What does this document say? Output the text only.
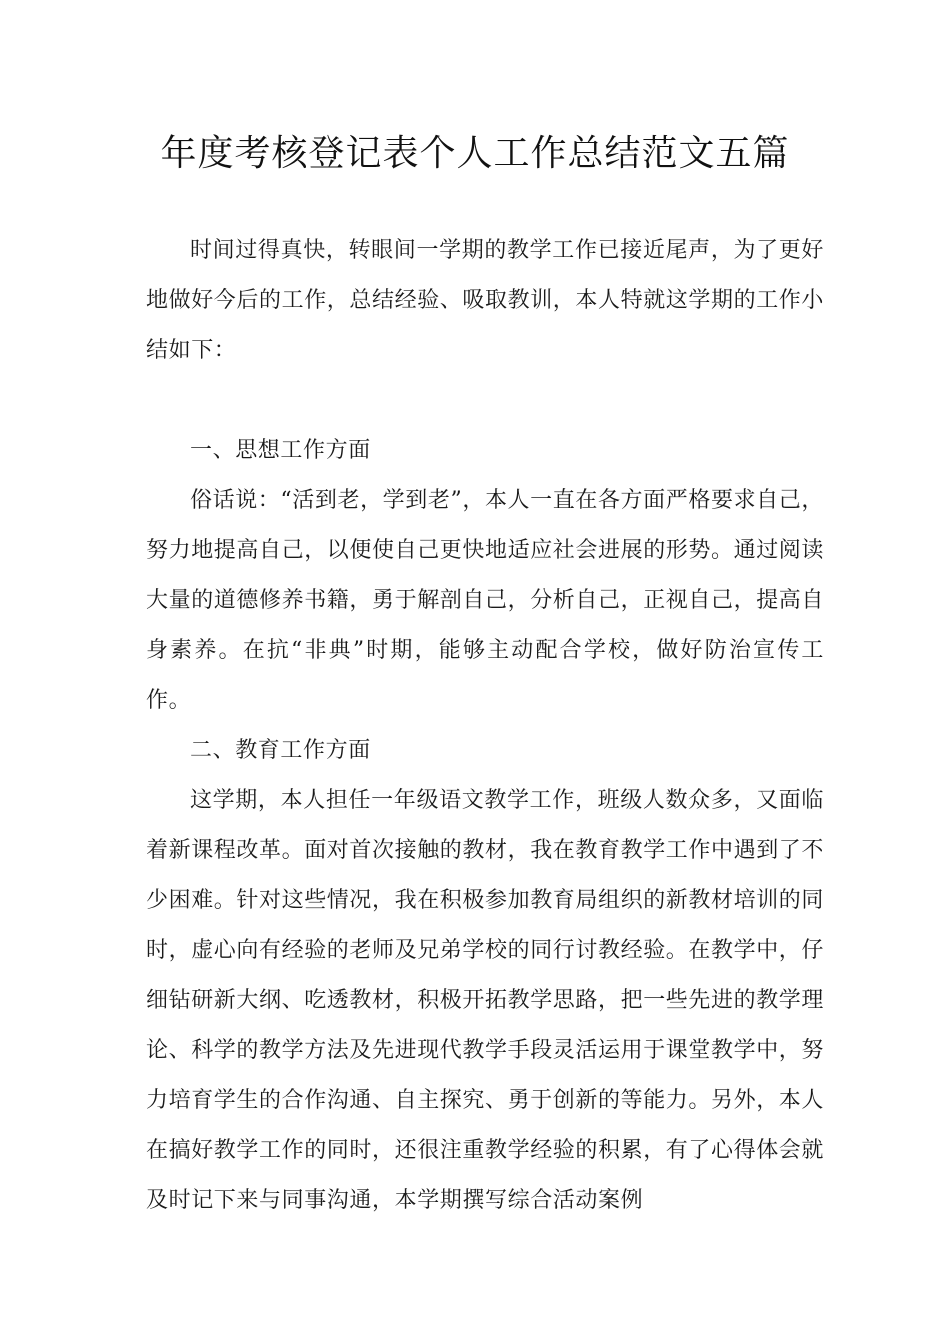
年度考核登记表个人工作总结范文五篇

时间过得真快，转眼间一学期的教学工作已接近尾声，为了更好地做好今后的工作，总结经验、吸取教训，本人特就这学期的工作小结如下：

一、思想工作方面

俗话说：“活到老，学到老”，本人一直在各方面严格要求自己，努力地提高自己，以便使自己更快地适应社会进展的形势。通过阅读大量的道德修养书籍，勇于解剖自己，分析自己，正视自己，提高自身素养。在抗“非典”时期，能够主动配合学校，做好防治宣传工作。

二、教育工作方面

这学期，本人担任一年级语文教学工作，班级人数众多，又面临着新课程改革。面对首次接触的教材，我在教育教学工作中遇到了不少困难。针对这些情况，我在积极参加教育局组织的新教材培训的同时，虚心向有经验的老师及兄弟学校的同行讨教经验。在教学中，仔细钻研新大纲、吃透教材，积极开拓教学思路，把一些先进的教学理论、科学的教学方法及先进现代教学手段灵活运用于课堂教学中，努力培育学生的合作沟通、自主探究、勇于创新的等能力。另外，本人在搞好教学工作的同时，还很注重教学经验的积累，有了心得体会就及时记下来与同事沟通，本学期撰写综合活动案例
